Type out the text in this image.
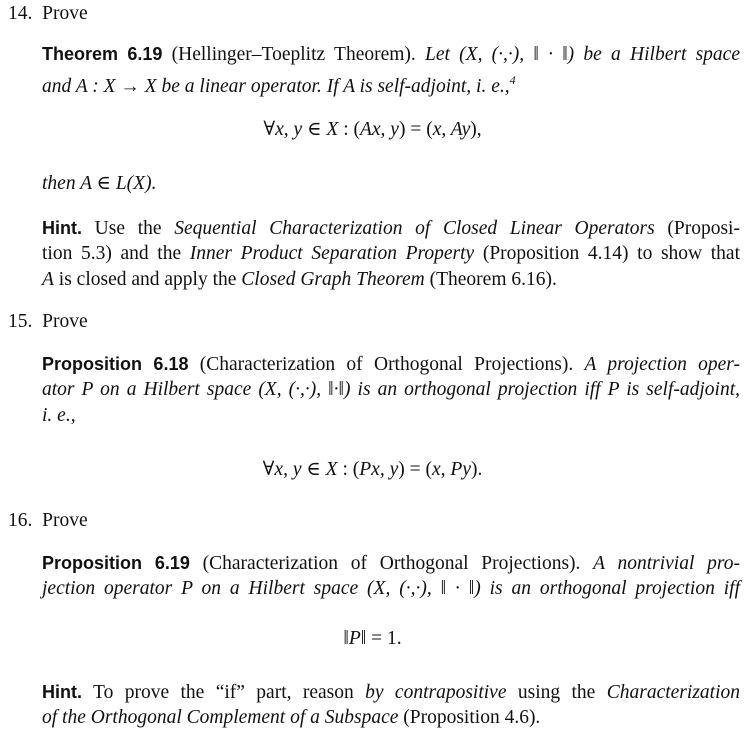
14.  Prove
Theorem 6.19 (Hellinger–Toeplitz Theorem). Let (X, (·,·), ‖ · ‖) be a Hilbert space
and A : X → X be a linear operator. If A is self-adjoint, i. e.,$^4$
∀x, y ∈ X : (Ax, y) = (x, Ay),
then A ∈ L(X).
Hint. Use the Sequential Characterization of Closed Linear Operators (Proposi-
tion 5.3) and the Inner Product Separation Property (Proposition 4.14) to show that
A is closed and apply the Closed Graph Theorem (Theorem 6.16).
15.  Prove
Proposition 6.18 (Characterization of Orthogonal Projections). A projection oper-
ator P on a Hilbert space (X, (·,·), ‖·‖) is an orthogonal projection iff P is self-adjoint,
i. e.,
∀x, y ∈ X : (Px, y) = (x, Py).
16.  Prove
Proposition 6.19 (Characterization of Orthogonal Projections). A nontrivial pro-
jection operator P on a Hilbert space (X, (·,·), ‖ · ‖) is an orthogonal projection iff
‖P‖ = 1.
Hint. To prove the “if” part, reason by contrapositive using the Characterization
of the Orthogonal Complement of a Subspace (Proposition 4.6).
